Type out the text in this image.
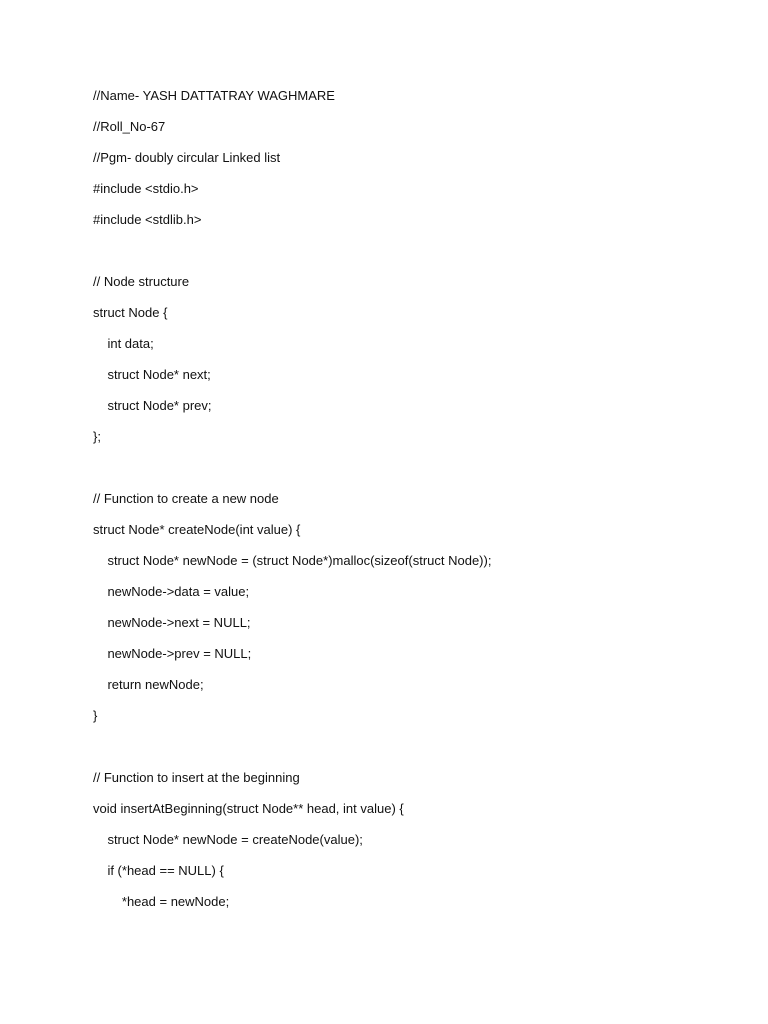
//Name- YASH DATTATRAY WAGHMARE
//Roll_No-67
//Pgm- doubly circular Linked list
#include <stdio.h>
#include <stdlib.h>
// Node structure
struct Node {
int data;
struct Node* next;
struct Node* prev;
};
// Function to create a new node
struct Node* createNode(int value) {
struct Node* newNode = (struct Node*)malloc(sizeof(struct Node));
newNode->data = value;
newNode->next = NULL;
newNode->prev = NULL;
return newNode;
}
// Function to insert at the beginning
void insertAtBeginning(struct Node** head, int value) {
struct Node* newNode = createNode(value);
if (*head == NULL) {
*head = newNode;
